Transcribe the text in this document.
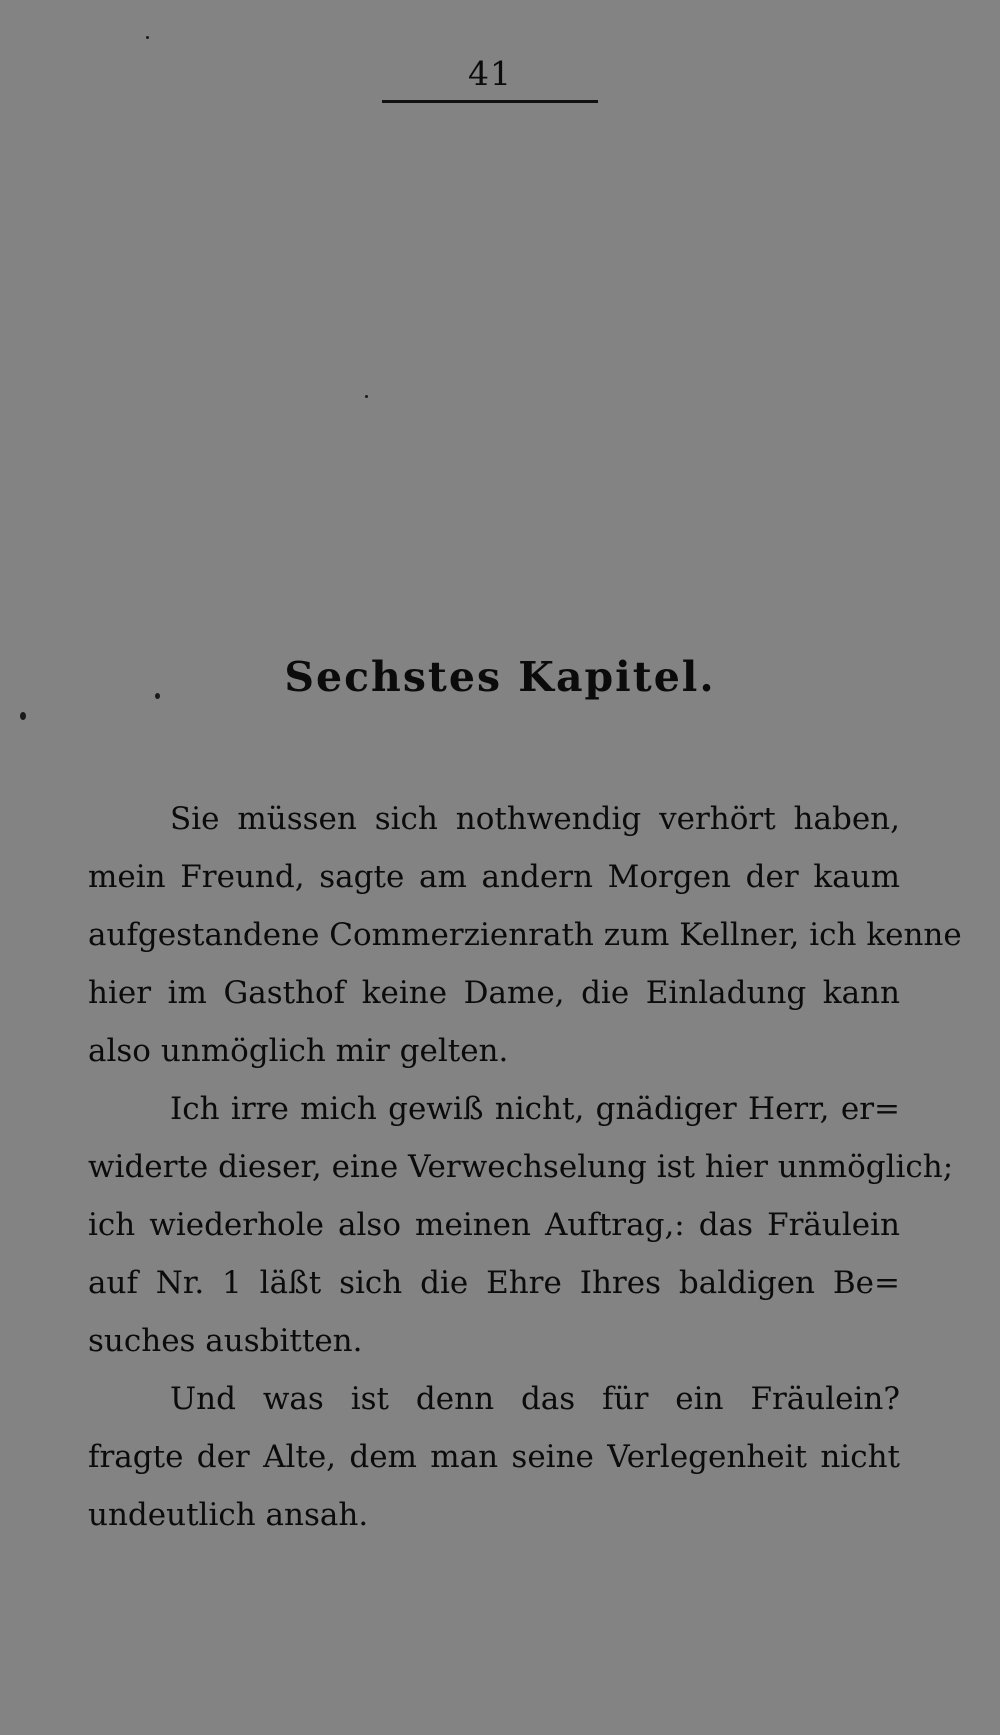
41
Sechstes Kapitel.
Sie müssen sich nothwendig verhört haben,
mein Freund, sagte am andern Morgen der kaum
aufgestandene Commerzienrath zum Kellner, ich kenne
hier im Gasthof keine Dame, die Einladung kann
also unmöglich mir gelten.
Ich irre mich gewiß nicht, gnädiger Herr, er=
widerte dieser, eine Verwechselung ist hier unmöglich;
ich wiederhole also meinen Auftrag,: das Fräulein
auf Nr. 1 läßt sich die Ehre Ihres baldigen Be=
suches ausbitten.
Und was ist denn das für ein Fräulein?
fragte der Alte, dem man seine Verlegenheit nicht
undeutlich ansah.
